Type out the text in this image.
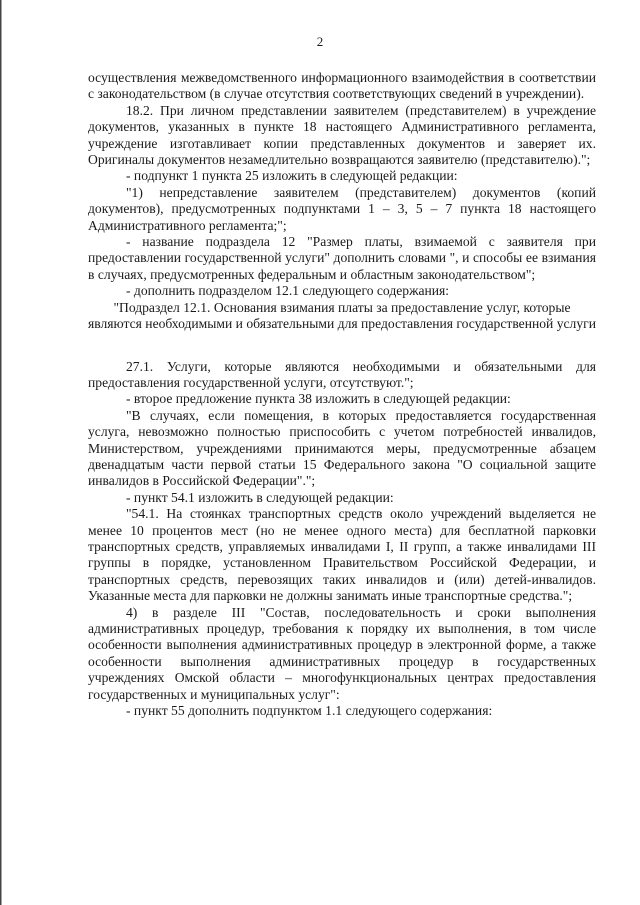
2

осуществления межведомственного информационного взаимодействия в соответствии с законодательством (в случае отсутствия соответствующих сведений в учреждении).

18.2. При личном представлении заявителем (представителем) в учреждение документов, указанных в пункте 18 настоящего Административного регламента, учреждение изготавливает копии представленных документов и заверяет их. Оригиналы документов незамедлительно возвращаются заявителю (представителю).";

- подпункт 1 пункта 25 изложить в следующей редакции:

"1) непредставление заявителем (представителем) документов (копий документов), предусмотренных подпунктами 1 – 3, 5 – 7 пункта 18 настоящего Административного регламента;";

- название подраздела 12 "Размер платы, взимаемой с заявителя при предоставлении государственной услуги" дополнить словами ", и способы ее взимания в случаях, предусмотренных федеральным и областным законодательством";

- дополнить подразделом 12.1 следующего содержания:

"Подраздел 12.1. Основания взимания платы за предоставление услуг, которые являются необходимыми и обязательными для предоставления государственной услуги

27.1. Услуги, которые являются необходимыми и обязательными для предоставления государственной услуги, отсутствуют.";

- второе предложение пункта 38 изложить в следующей редакции:

"В случаях, если помещения, в которых предоставляется государственная услуга, невозможно полностью приспособить с учетом потребностей инвалидов, Министерством, учреждениями принимаются меры, предусмотренные абзацем двенадцатым части первой статьи 15 Федерального закона "О социальной защите инвалидов в Российской Федерации".";

- пункт 54.1 изложить в следующей редакции:

"54.1. На стоянках транспортных средств около учреждений выделяется не менее 10 процентов мест (но не менее одного места) для бесплатной парковки транспортных средств, управляемых инвалидами I, II групп, а также инвалидами III группы в порядке, установленном Правительством Российской Федерации, и транспортных средств, перевозящих таких инвалидов и (или) детей-инвалидов. Указанные места для парковки не должны занимать иные транспортные средства.";

4) в разделе III "Состав, последовательность и сроки выполнения административных процедур, требования к порядку их выполнения, в том числе особенности выполнения административных процедур в электронной форме, а также особенности выполнения административных процедур в государственных учреждениях Омской области – многофункциональных центрах предоставления государственных и муниципальных услуг":

- пункт 55 дополнить подпунктом 1.1 следующего содержания:
